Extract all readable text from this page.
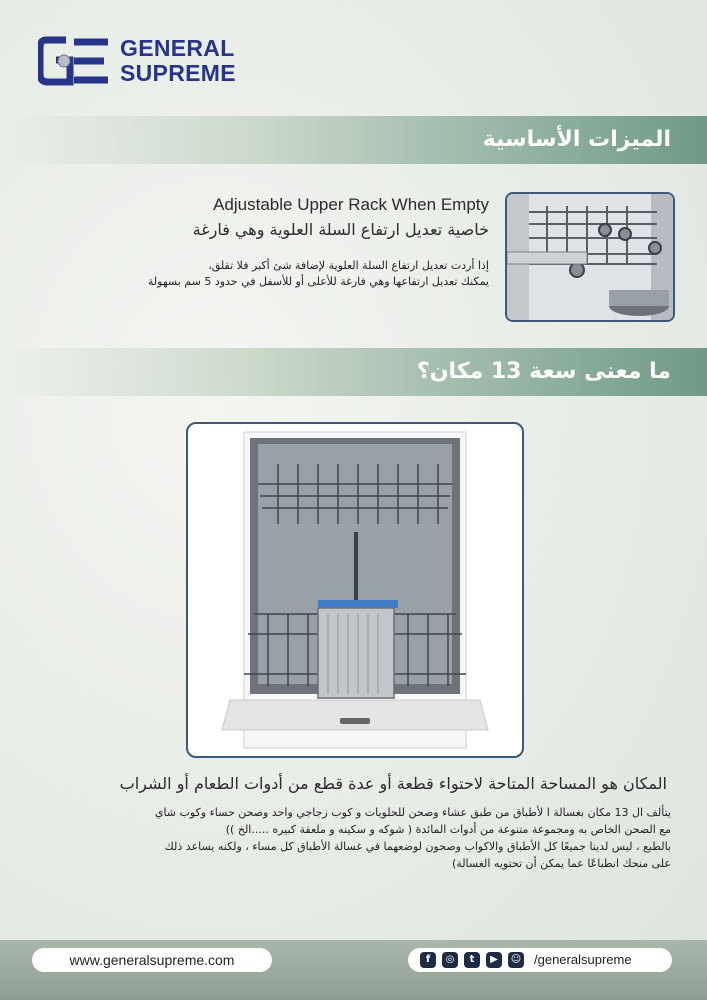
GENERAL
SUPREME
الميزات الأساسية
Adjustable Upper Rack When Empty
خاصية تعديل ارتفاع السلة العلوية وهي فارغة
إذا أردت تعديل ارتفاع السلة العلوية لإضافة شئ أكبر فلا تقلق،
يمكنك تعديل ارتفاعها وهي فارغة للأعلى أو للأسفل في حدود 5 سم بسهولة
ما معنى سعة 13 مكان؟
المكان هو المساحة المتاحة لاحتواء قطعة أو عدة قطع من أدوات الطعام أو الشراب
يتألف ال 13 مكان بغسالة ا لأطباق من طبق عشاء وصحن للحلويات و كوب زجاجي واحد وصحن حساء وكوب شاي
مع الصحن الخاص به ومجموعة متنوعة من أدوات المائدة ( شوكه و سكينه و ملعقة كبيره .....الخ ))
بالطبع ، ليس لدينا جميعًا كل الأطباق والاكواب وصحون لوضعهما في غسالة الأطباق كل مساء ، ولكنه يساعد ذلك
على منحك انطباعًا عما يمكن أن تحتويه الغسالة)
www.generalsupreme.com	f	◎	t	▶	☺ /generalsupreme
